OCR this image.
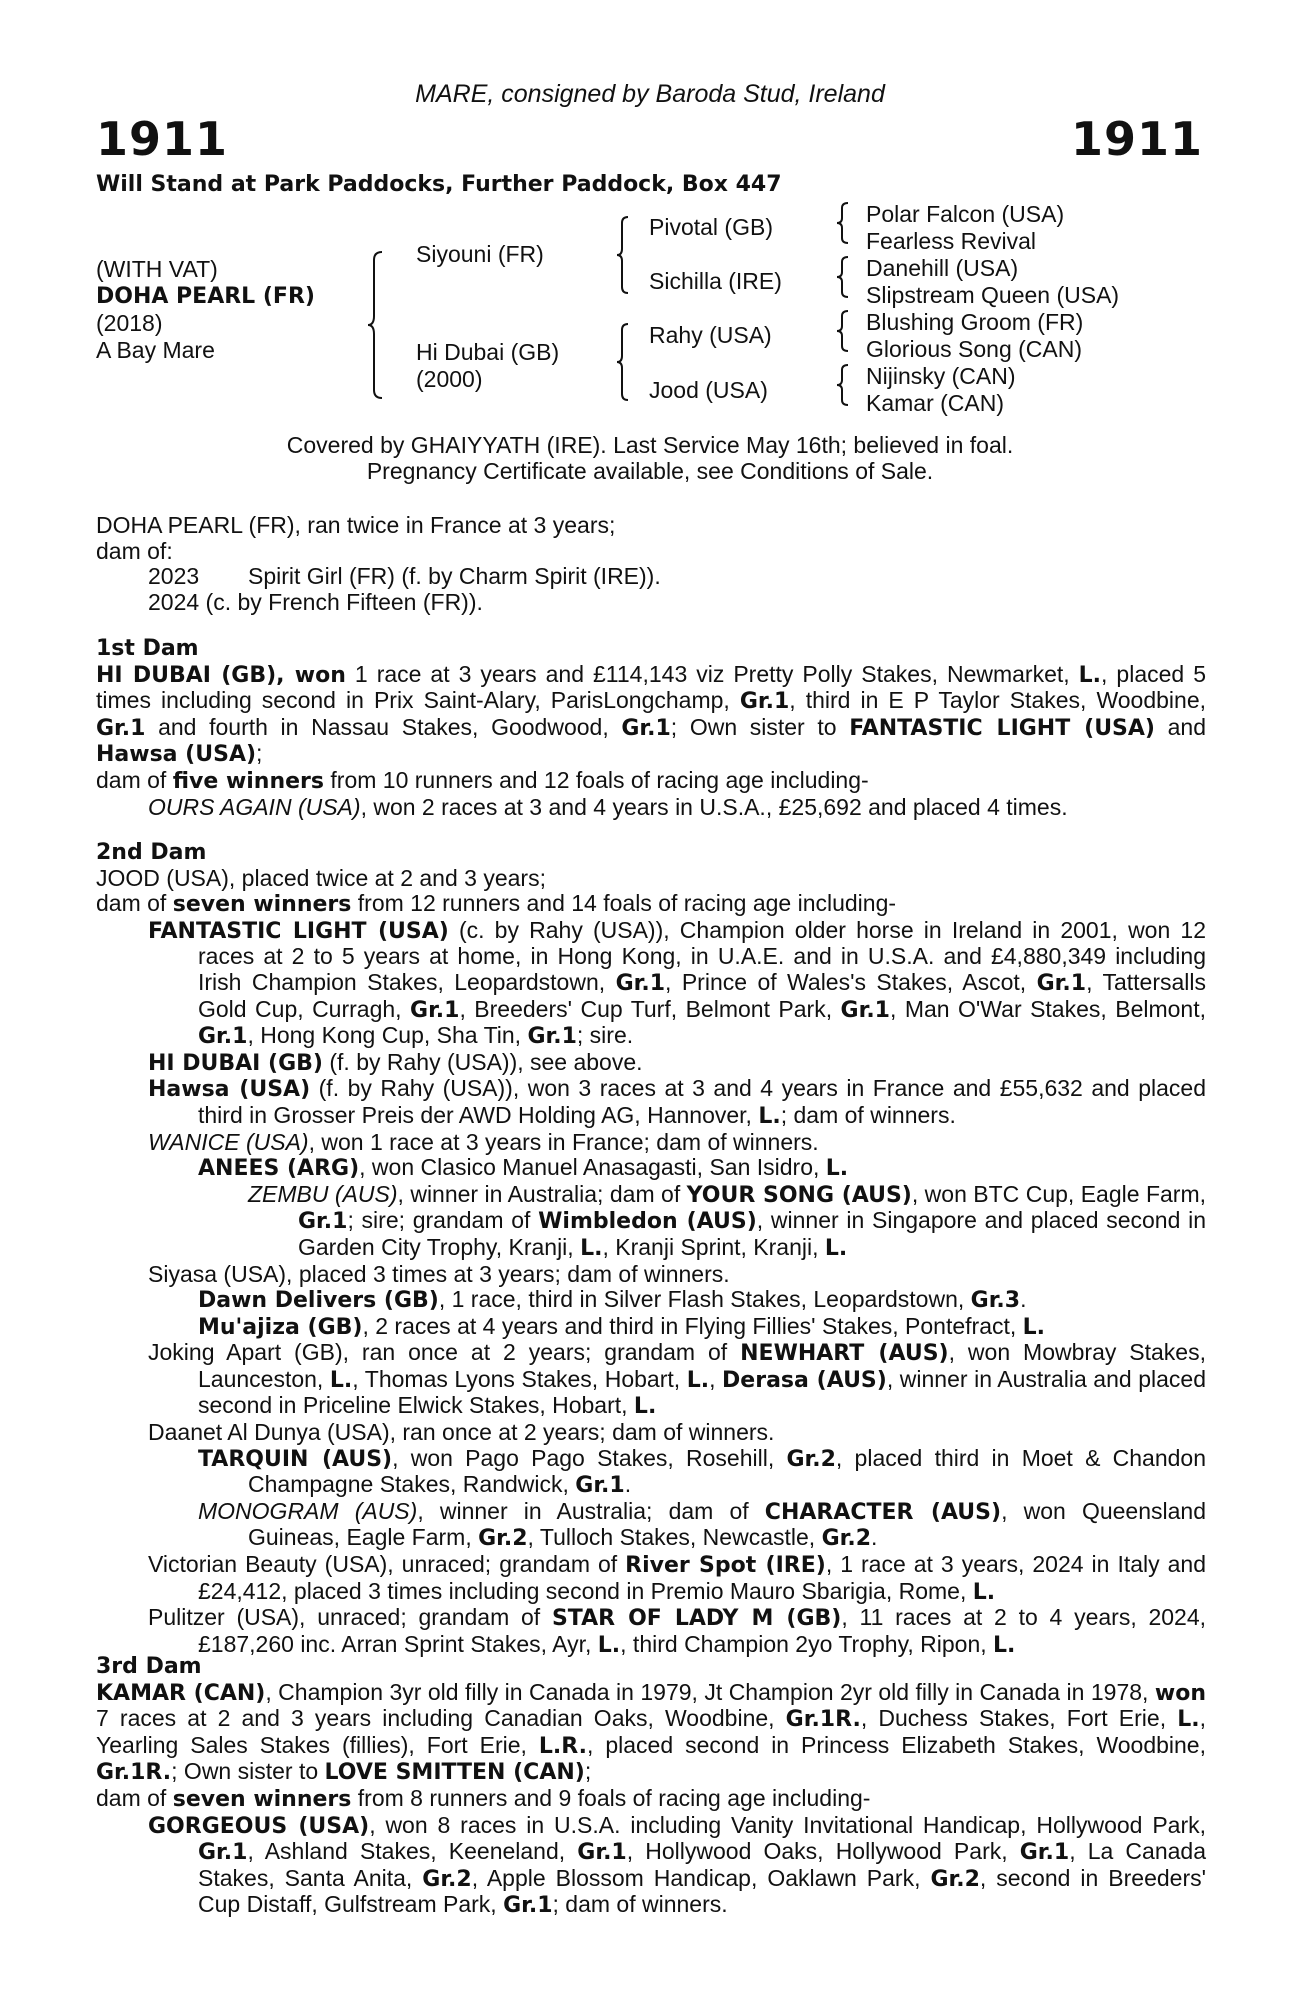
MARE, consigned by Baroda Stud, Ireland
1911	1911
Will Stand at Park Paddocks, Further Paddock, Box 447
(WITH VAT)
DOHA PEARL (FR)
(2018)
A Bay Mare
Siyouni (FR)
Hi Dubai (GB)
(2000)
Pivotal (GB)
Sichilla (IRE)
Rahy (USA)
Jood (USA)
Polar Falcon (USA)
Fearless Revival
Danehill (USA)
Slipstream Queen (USA)
Blushing Groom (FR)
Glorious Song (CAN)
Nijinsky (CAN)
Kamar (CAN)
Covered by GHAIYYATH (IRE). Last Service May 16th; believed in foal.
Pregnancy Certificate available, see Conditions of Sale.

DOHA PEARL (FR), ran twice in France at 3 years;

dam of:

2023	Spirit Girl (FR) (f. by Charm Spirit (IRE)).

2024 (c. by French Fifteen (FR)).

1st Dam

HI DUBAI (GB), won 1 race at 3 years and £114,143 viz Pretty Polly Stakes, Newmarket, L., placed 5 times including second in Prix Saint-Alary, ParisLongchamp, Gr.1, third in E P Taylor Stakes, Woodbine, Gr.1 and fourth in Nassau Stakes, Goodwood, Gr.1; Own sister to FANTASTIC LIGHT (USA) and Hawsa (USA);

dam of five winners from 10 runners and 12 foals of racing age including-

OURS AGAIN (USA), won 2 races at 3 and 4 years in U.S.A., £25,692 and placed 4 times.

2nd Dam

JOOD (USA), placed twice at 2 and 3 years;

dam of seven winners from 12 runners and 14 foals of racing age including-

FANTASTIC LIGHT (USA) (c. by Rahy (USA)), Champion older horse in Ireland in 2001, won 12 races at 2 to 5 years at home, in Hong Kong, in U.A.E. and in U.S.A. and £4,880,349 including Irish Champion Stakes, Leopardstown, Gr.1, Prince of Wales's Stakes, Ascot, Gr.1, Tattersalls Gold Cup, Curragh, Gr.1, Breeders' Cup Turf, Belmont Park, Gr.1, Man O'War Stakes, Belmont, Gr.1, Hong Kong Cup, Sha Tin, Gr.1; sire.

HI DUBAI (GB) (f. by Rahy (USA)), see above.

Hawsa (USA) (f. by Rahy (USA)), won 3 races at 3 and 4 years in France and £55,632 and placed third in Grosser Preis der AWD Holding AG, Hannover, L.; dam of winners.

WANICE (USA), won 1 race at 3 years in France; dam of winners.

ANEES (ARG), won Clasico Manuel Anasagasti, San Isidro, L.

ZEMBU (AUS), winner in Australia; dam of YOUR SONG (AUS), won BTC Cup, Eagle Farm, Gr.1; sire; grandam of Wimbledon (AUS), winner in Singapore and placed second in Garden City Trophy, Kranji, L., Kranji Sprint, Kranji, L.

Siyasa (USA), placed 3 times at 3 years; dam of winners.

Dawn Delivers (GB), 1 race, third in Silver Flash Stakes, Leopardstown, Gr.3.

Mu'ajiza (GB), 2 races at 4 years and third in Flying Fillies' Stakes, Pontefract, L.

Joking Apart (GB), ran once at 2 years; grandam of NEWHART (AUS), won Mowbray Stakes, Launceston, L., Thomas Lyons Stakes, Hobart, L., Derasa (AUS), winner in Australia and placed second in Priceline Elwick Stakes, Hobart, L.

Daanet Al Dunya (USA), ran once at 2 years; dam of winners.

TARQUIN (AUS), won Pago Pago Stakes, Rosehill, Gr.2, placed third in Moet & Chandon Champagne Stakes, Randwick, Gr.1.

MONOGRAM (AUS), winner in Australia; dam of CHARACTER (AUS), won Queensland Guineas, Eagle Farm, Gr.2, Tulloch Stakes, Newcastle, Gr.2.

Victorian Beauty (USA), unraced; grandam of River Spot (IRE), 1 race at 3 years, 2024 in Italy and £24,412, placed 3 times including second in Premio Mauro Sbarigia, Rome, L.

Pulitzer (USA), unraced; grandam of STAR OF LADY M (GB), 11 races at 2 to 4 years, 2024, £187,260 inc. Arran Sprint Stakes, Ayr, L., third Champion 2yo Trophy, Ripon, L.

3rd Dam

KAMAR (CAN), Champion 3yr old filly in Canada in 1979, Jt Champion 2yr old filly in Canada in 1978, won 7 races at 2 and 3 years including Canadian Oaks, Woodbine, Gr.1R., Duchess Stakes, Fort Erie, L., Yearling Sales Stakes (fillies), Fort Erie, L.R., placed second in Princess Elizabeth Stakes, Woodbine, Gr.1R.; Own sister to LOVE SMITTEN (CAN);

dam of seven winners from 8 runners and 9 foals of racing age including-

GORGEOUS (USA), won 8 races in U.S.A. including Vanity Invitational Handicap, Hollywood Park, Gr.1, Ashland Stakes, Keeneland, Gr.1, Hollywood Oaks, Hollywood Park, Gr.1, La Canada Stakes, Santa Anita, Gr.2, Apple Blossom Handicap, Oaklawn Park, Gr.2, second in Breeders' Cup Distaff, Gulfstream Park, Gr.1; dam of winners.
